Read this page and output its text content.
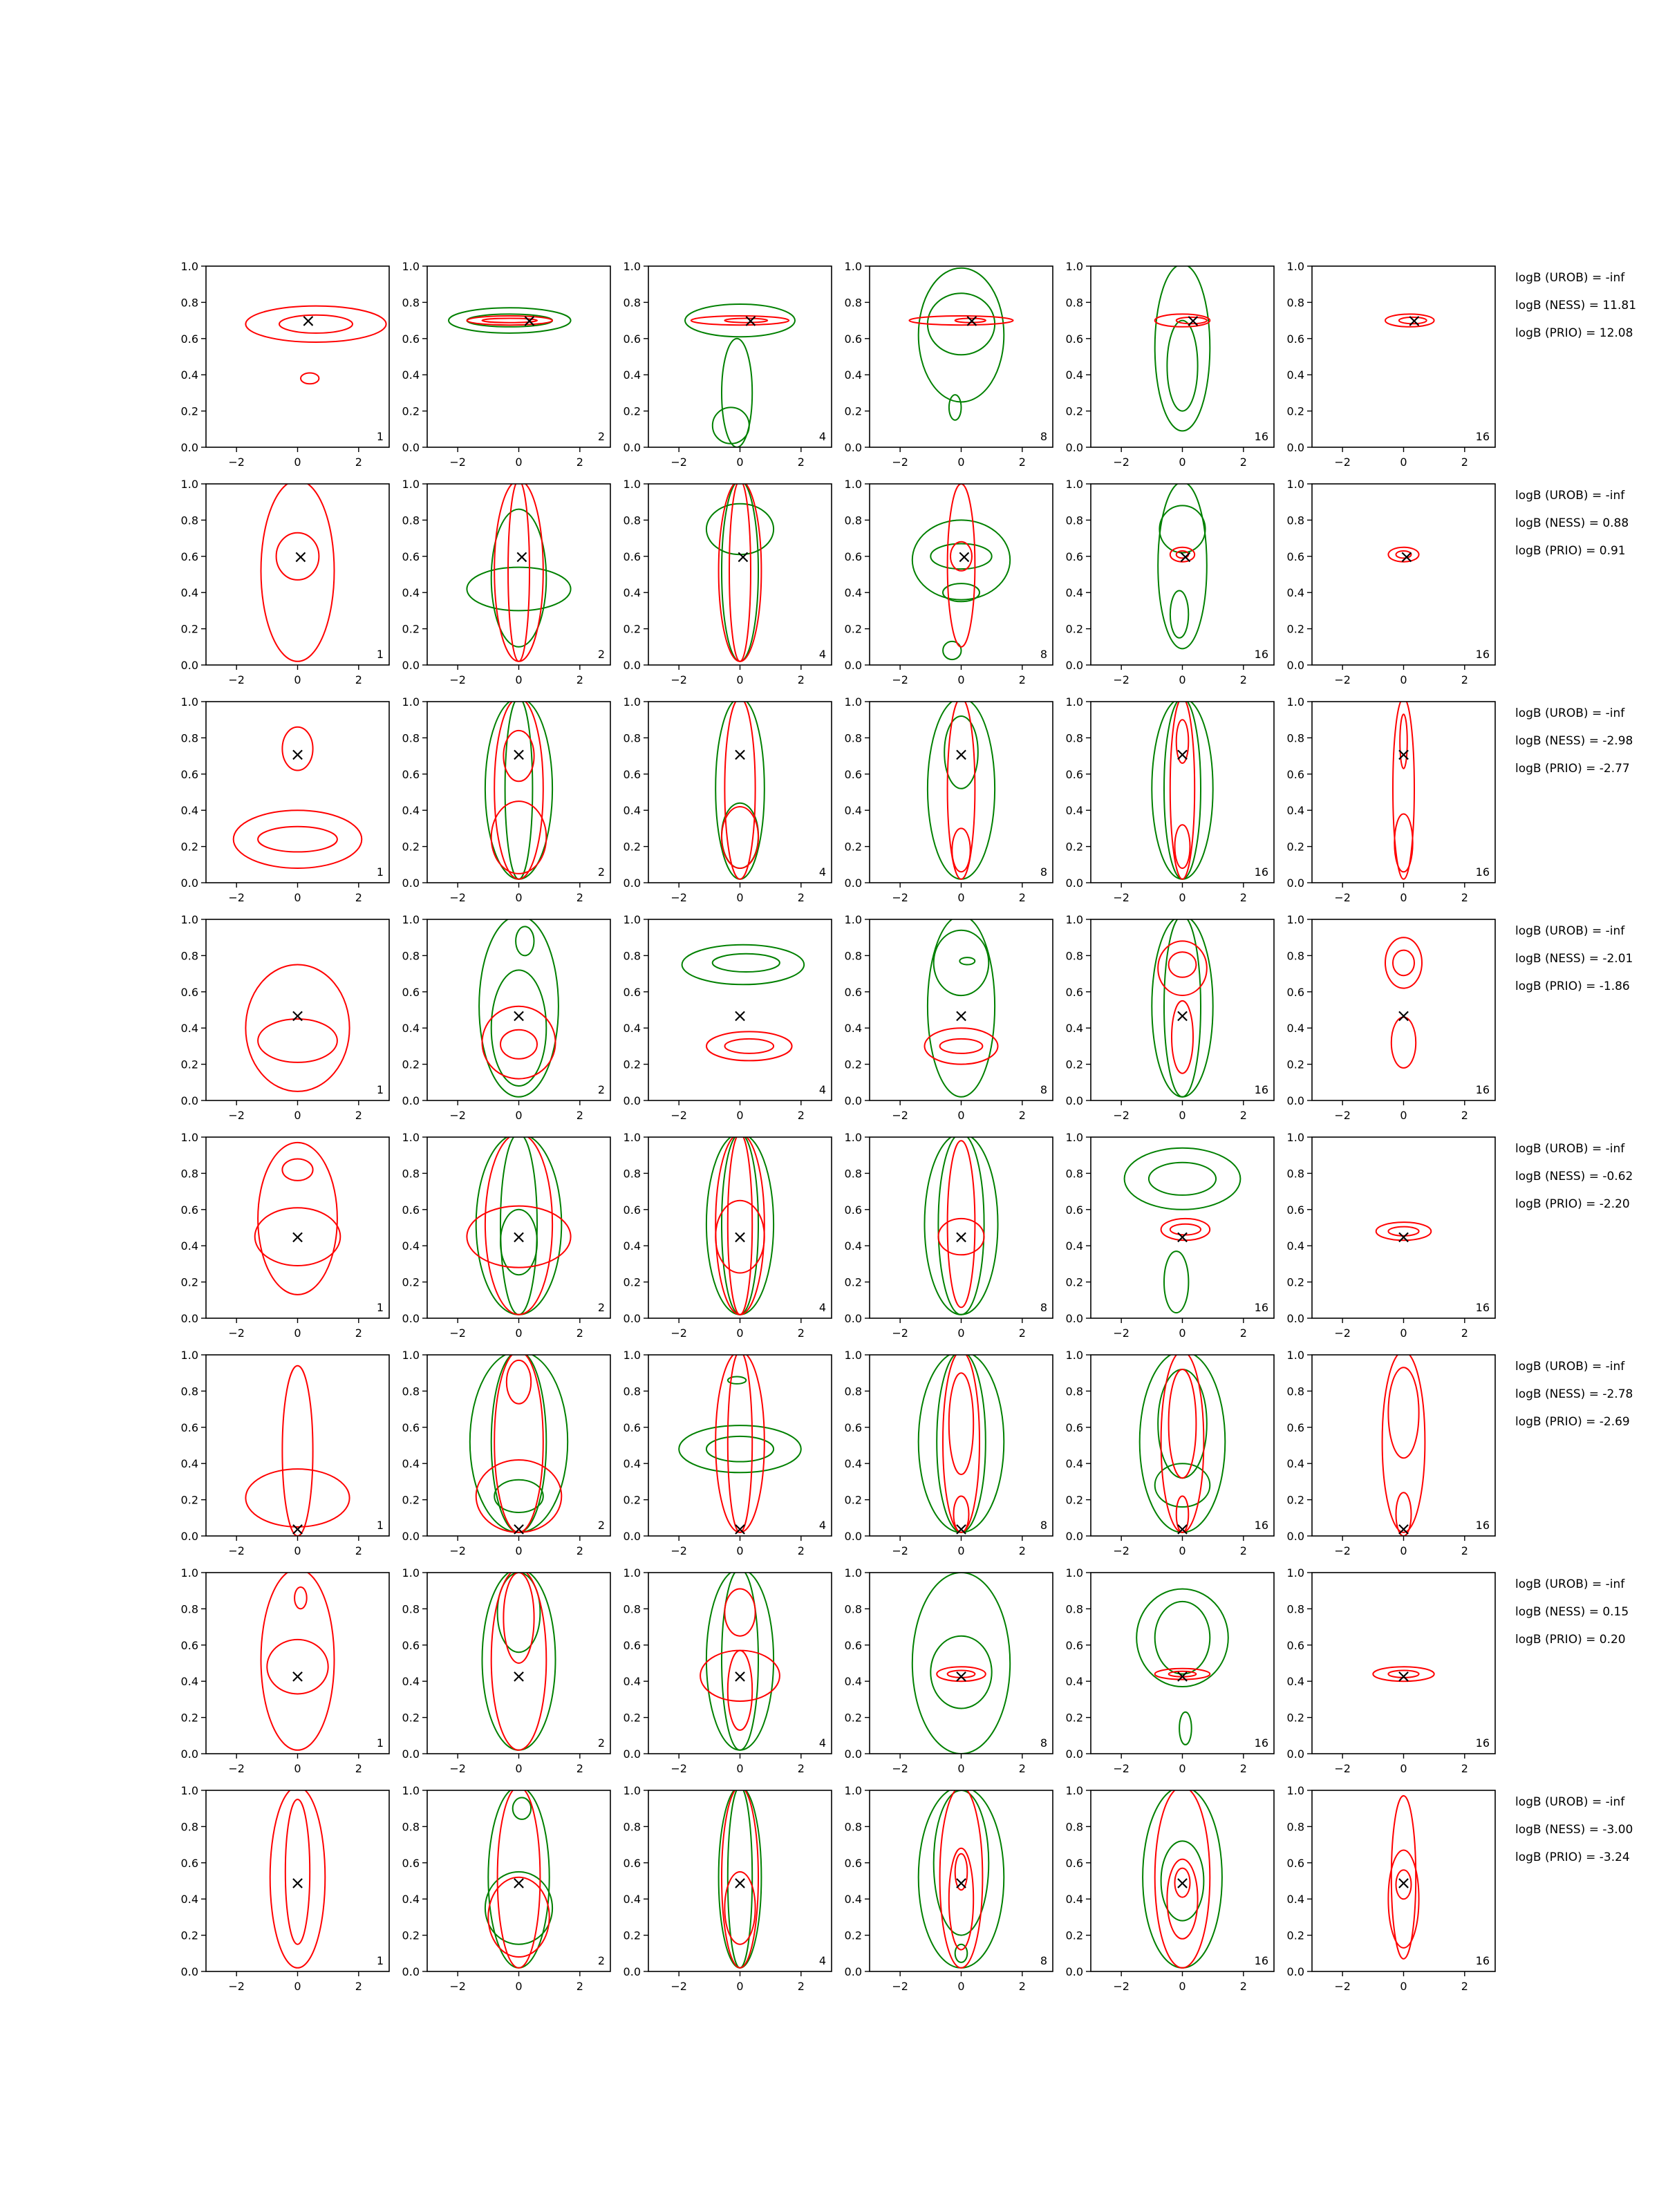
−2	0	2
0.0
0.2
0.4
0.6
0.8
1.0
×
1
−2	0	2
0.0
0.2
0.4
0.6
0.8
1.0
×
2
−2	0	2
0.0
0.2
0.4
0.6
0.8
1.0
×
4
−2	0	2
0.0
0.2
0.4
0.6
0.8
1.0
×
8
−2	0	2
0.0
0.2
0.4
0.6
0.8
1.0
×
16
−2	0	2
0.0
0.2
0.4
0.6
0.8
1.0
×
16
logB (UROB) = -inf
logB (NESS) = 11.81
logB (PRIO) = 12.08
−2	0	2
0.0
0.2
0.4
0.6
0.8
1.0
×
1
−2	0	2
0.0
0.2
0.4
0.6
0.8
1.0
×
2
−2	0	2
0.0
0.2
0.4
0.6
0.8
1.0
×
4
−2	0	2
0.0
0.2
0.4
0.6
0.8
1.0
×
8
−2	0	2
0.0
0.2
0.4
0.6
0.8
1.0
×
16
−2	0	2
0.0
0.2
0.4
0.6
0.8
1.0
×
16
logB (UROB) = -inf
logB (NESS) = 0.88
logB (PRIO) = 0.91
−2	0	2
0.0
0.2
0.4
0.6
0.8
1.0
×
1
−2	0	2
0.0
0.2
0.4
0.6
0.8
1.0
×
2
−2	0	2
0.0
0.2
0.4
0.6
0.8
1.0
×
4
−2	0	2
0.0
0.2
0.4
0.6
0.8
1.0
×
8
−2	0	2
0.0
0.2
0.4
0.6
0.8
1.0
×
16
−2	0	2
0.0
0.2
0.4
0.6
0.8
1.0
×
16
logB (UROB) = -inf
logB (NESS) = -2.98
logB (PRIO) = -2.77
−2	0	2
0.0
0.2
0.4
0.6
0.8
1.0
×
1
−2	0	2
0.0
0.2
0.4
0.6
0.8
1.0
×
2
−2	0	2
0.0
0.2
0.4
0.6
0.8
1.0
×
4
−2	0	2
0.0
0.2
0.4
0.6
0.8
1.0
×
8
−2	0	2
0.0
0.2
0.4
0.6
0.8
1.0
×
16
−2	0	2
0.0
0.2
0.4
0.6
0.8
1.0
×
16
logB (UROB) = -inf
logB (NESS) = -2.01
logB (PRIO) = -1.86
−2	0	2
0.0
0.2
0.4
0.6
0.8
1.0
×
1
−2	0	2
0.0
0.2
0.4
0.6
0.8
1.0
×
2
−2	0	2
0.0
0.2
0.4
0.6
0.8
1.0
×
4
−2	0	2
0.0
0.2
0.4
0.6
0.8
1.0
×
8
−2	0	2
0.0
0.2
0.4
0.6
0.8
1.0
×
16
−2	0	2
0.0
0.2
0.4
0.6
0.8
1.0
×
16
logB (UROB) = -inf
logB (NESS) = -0.62
logB (PRIO) = -2.20
−2	0	2
0.0
0.2
0.4
0.6
0.8
1.0
×	1
−2	0	2
0.0
0.2
0.4
0.6
0.8
1.0
×	2
−2	0	2
0.0
0.2
0.4
0.6
0.8
1.0
×	4
−2	0	2
0.0
0.2
0.4
0.6
0.8
1.0
×	8
−2	0	2
0.0
0.2
0.4
0.6
0.8
1.0
×	16
−2	0	2
0.0
0.2
0.4
0.6
0.8
1.0
×	16
logB (UROB) = -inf
logB (NESS) = -2.78
logB (PRIO) = -2.69
−2	0	2
0.0
0.2
0.4
0.6
0.8
1.0
×
1
−2	0	2
0.0
0.2
0.4
0.6
0.8
1.0
×
2
−2	0	2
0.0
0.2
0.4
0.6
0.8
1.0
×
4
−2	0	2
0.0
0.2
0.4
0.6
0.8
1.0
×
8
−2	0	2
0.0
0.2
0.4
0.6
0.8
1.0
×
16
−2	0	2
0.0
0.2
0.4
0.6
0.8
1.0
×
16
logB (UROB) = -inf
logB (NESS) = 0.15
logB (PRIO) = 0.20
−2	0	2
0.0
0.2
0.4
0.6
0.8
1.0
×
1
−2	0	2
0.0
0.2
0.4
0.6
0.8
1.0
×
2
−2	0	2
0.0
0.2
0.4
0.6
0.8
1.0
×
4
−2	0	2
0.0
0.2
0.4
0.6
0.8
1.0
×
8
−2	0	2
0.0
0.2
0.4
0.6
0.8
1.0
×
16
−2	0	2
0.0
0.2
0.4
0.6
0.8
1.0
×
16
logB (UROB) = -inf
logB (NESS) = -3.00
logB (PRIO) = -3.24
